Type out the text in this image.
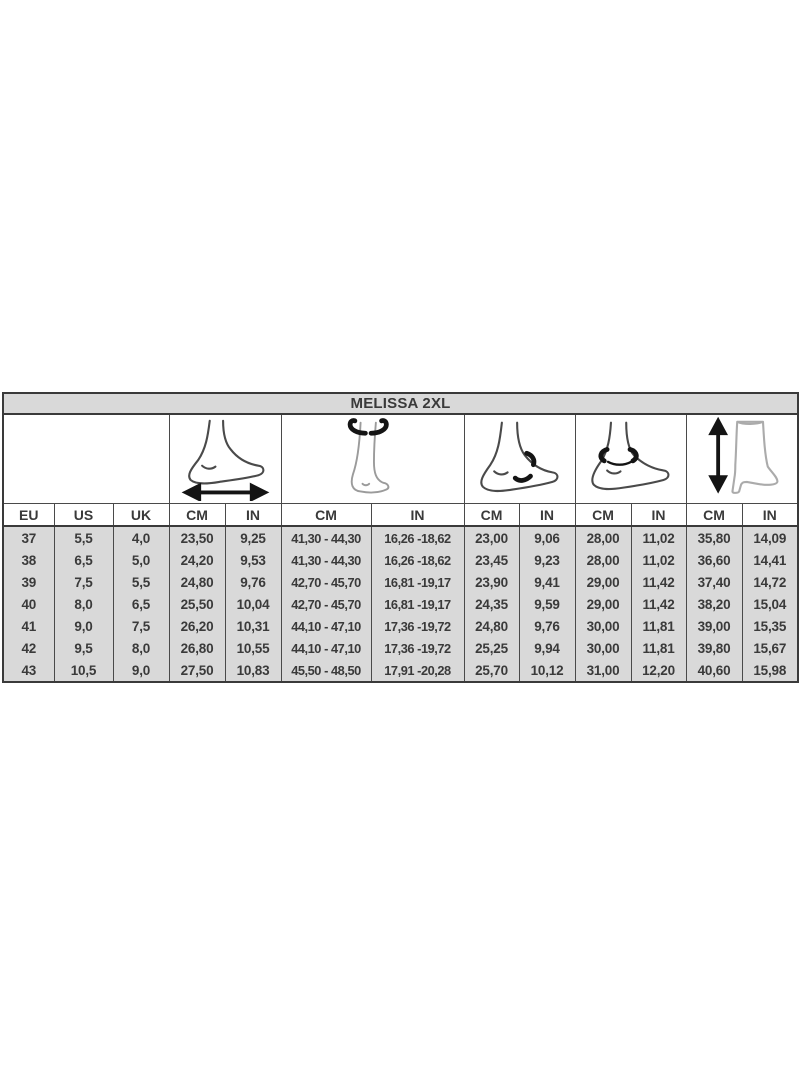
MELISSA 2XL												

EU	US	UK	CM	IN	CM	IN	CM	IN	CM	IN	CM	IN
37	5,5	4,0	23,50	9,25	41,30 - 44,30	16,26 -18,62	23,00	9,06	28,00	11,02	35,80	14,09
38	6,5	5,0	24,20	9,53	41,30 - 44,30	16,26 -18,62	23,45	9,23	28,00	11,02	36,60	14,41
39	7,5	5,5	24,80	9,76	42,70 - 45,70	16,81 -19,17	23,90	9,41	29,00	11,42	37,40	14,72
40	8,0	6,5	25,50	10,04	42,70 - 45,70	16,81 -19,17	24,35	9,59	29,00	11,42	38,20	15,04
41	9,0	7,5	26,20	10,31	44,10 - 47,10	17,36 -19,72	24,80	9,76	30,00	11,81	39,00	15,35
42	9,5	8,0	26,80	10,55	44,10 - 47,10	17,36 -19,72	25,25	9,94	30,00	11,81	39,80	15,67
43	10,5	9,0	27,50	10,83	45,50 - 48,50	17,91 -20,28	25,70	10,12	31,00	12,20	40,60	15,98
